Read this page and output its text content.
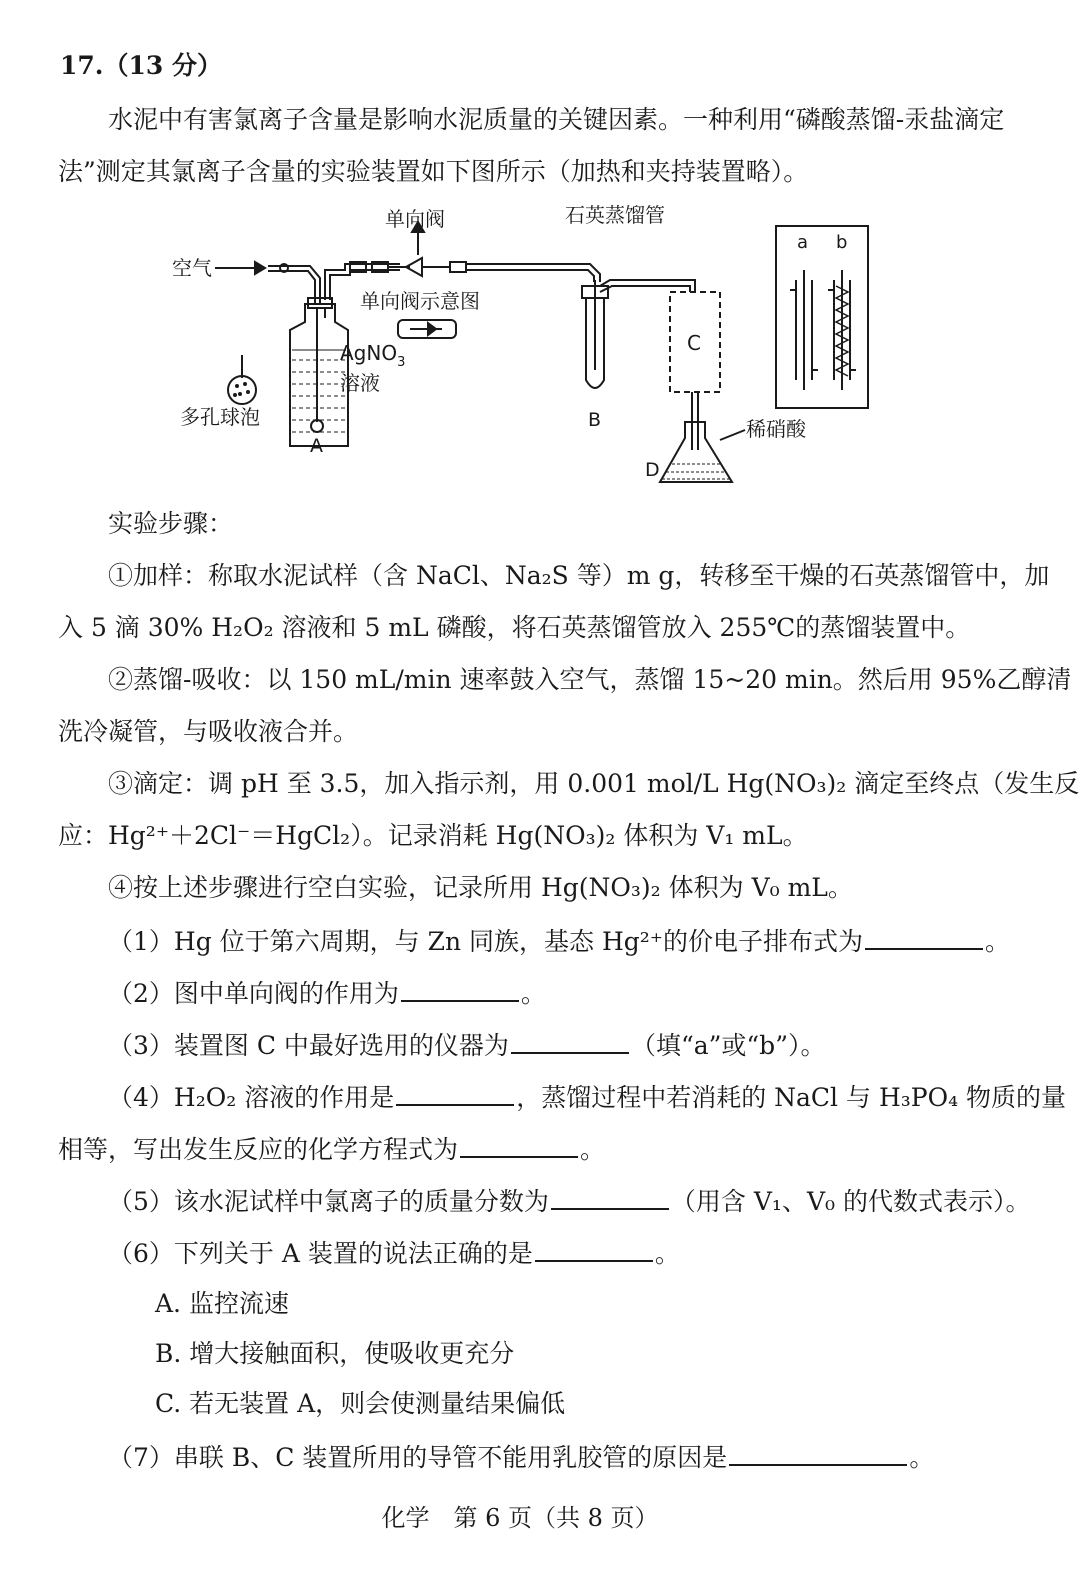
17.（13 分）
水泥中有害氯离子含量是影响水泥质量的关键因素。一种利用“磷酸蒸馏-汞盐滴定
法”测定其氯离子含量的实验装置如下图所示（加热和夹持装置略）。
空气
单向阀	石英蒸馏管
单向阀示意图
AgNO$_3$
溶液
多孔球泡
A
B
C
D
稀硝酸
a b
实验步骤：
①加样：称取水泥试样（含 NaCl、Na₂S 等）m g，转移至干燥的石英蒸馏管中，加
入 5 滴 30% H₂O₂ 溶液和 5 mL 磷酸，将石英蒸馏管放入 255℃的蒸馏装置中。
②蒸馏-吸收：以 150 mL/min 速率鼓入空气，蒸馏 15~20 min。然后用 95%乙醇清
洗冷凝管，与吸收液合并。
③滴定：调 pH 至 3.5，加入指示剂，用 0.001 mol/L Hg(NO₃)₂ 滴定至终点（发生反
应：Hg²⁺＋2Cl⁻＝HgCl₂）。记录消耗 Hg(NO₃)₂ 体积为 V₁ mL。
④按上述步骤进行空白实验，记录所用 Hg(NO₃)₂ 体积为 V₀ mL。
（1）Hg 位于第六周期，与 Zn 同族，基态 Hg²⁺的价电子排布式为	。
（2）图中单向阀的作用为	。
（3）装置图 C 中最好选用的仪器为	（填“a”或“b”）。
（4）H₂O₂ 溶液的作用是	，蒸馏过程中若消耗的 NaCl 与 H₃PO₄ 物质的量
相等，写出发生反应的化学方程式为	。
（5）该水泥试样中氯离子的质量分数为	（用含 V₁、V₀ 的代数式表示）。
（6）下列关于 A 装置的说法正确的是	。
A. 监控流速
B. 增大接触面积，使吸收更充分
C. 若无装置 A，则会使测量结果偏低
（7）串联 B、C 装置所用的导管不能用乳胶管的原因是	。
化学　第 6 页（共 8 页）
